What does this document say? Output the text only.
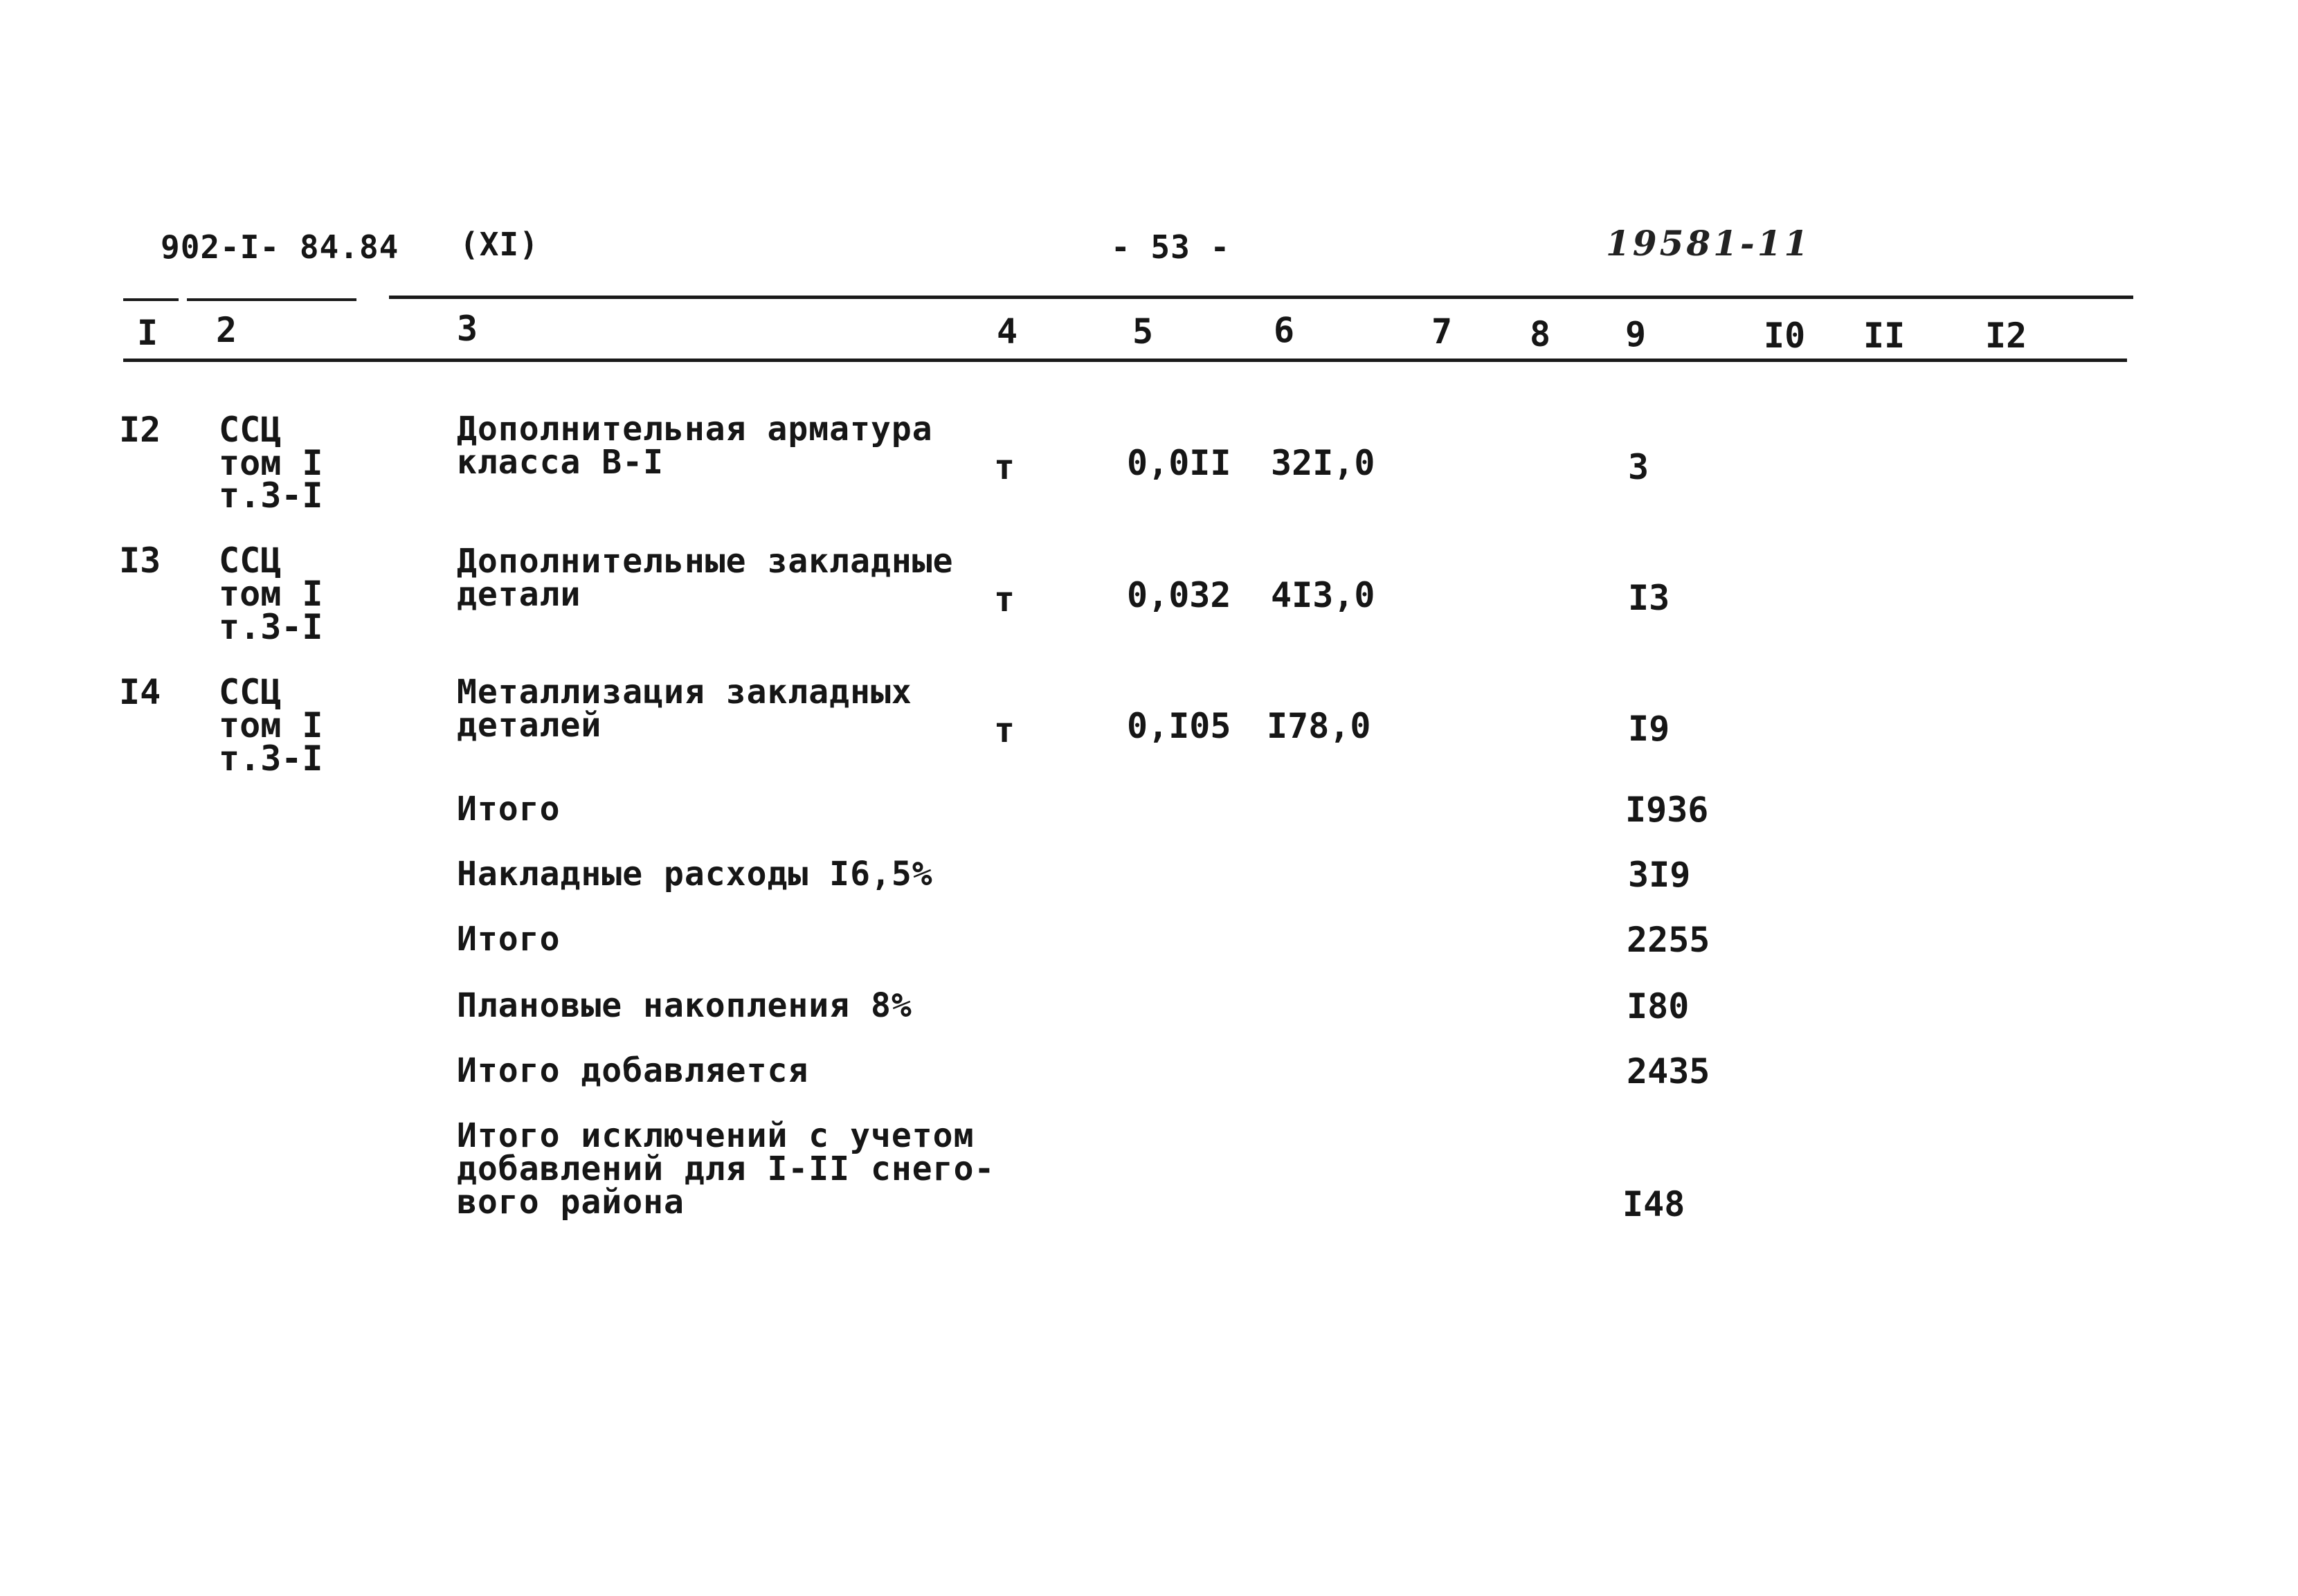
902-I- 84.84 (XI)	- 53 -	19581-11
I 2	3	4	5	6	7 8 9	I0 II I2
I2 ССЦ
том I
т.3-I
Дополнительная арматура
класса В-I	т	0,0II 32I,0	3
I3 ССЦ
том I
т.3-I
Дополнительные закладные
детали	т	0,032 4I3,0	I3
I4 ССЦ
том I
т.3-I
Металлизация закладных
деталей	т	0,I05 I78,0	I9
Итого	I936
Накладные расходы I6,5%	3I9
Итого	2255
Плановые накопления 8%	I80
Итого добавляется	2435
Итого исключений с учетом
добавлений для I-II снего-
вого района	I48
